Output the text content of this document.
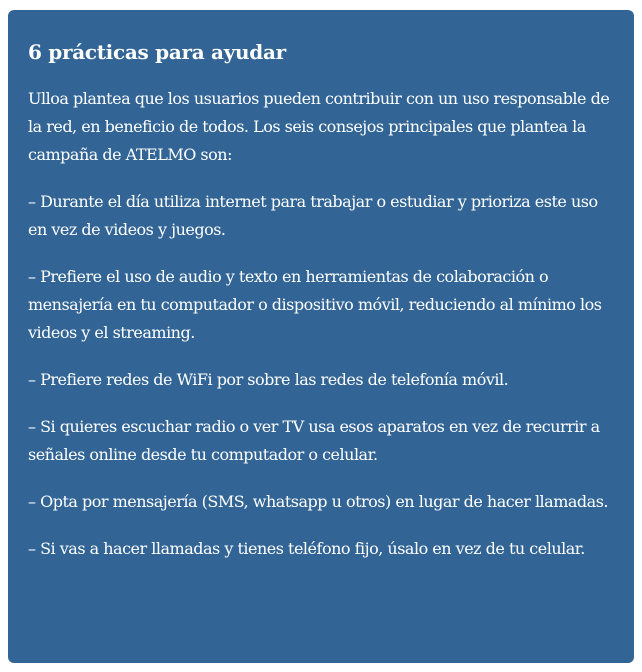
6 prácticas para ayudar

Ulloa plantea que los usuarios pueden contribuir con un uso responsable de la red, en beneficio de todos. Los seis consejos principales que plantea la campaña de ATELMO son:

– Durante el día utiliza internet para trabajar o estudiar y prioriza este uso en vez de videos y juegos.

– Prefiere el uso de audio y texto en herramientas de colaboración o mensajería en tu computador o dispositivo móvil, reduciendo al mínimo los videos y el streaming.

– Prefiere redes de WiFi por sobre las redes de telefonía móvil.

– Si quieres escuchar radio o ver TV usa esos aparatos en vez de recurrir a señales online desde tu computador o celular.

– Opta por mensajería (SMS, whatsapp u otros) en lugar de hacer llamadas.

– Si vas a hacer llamadas y tienes teléfono fijo, úsalo en vez de tu celular.
